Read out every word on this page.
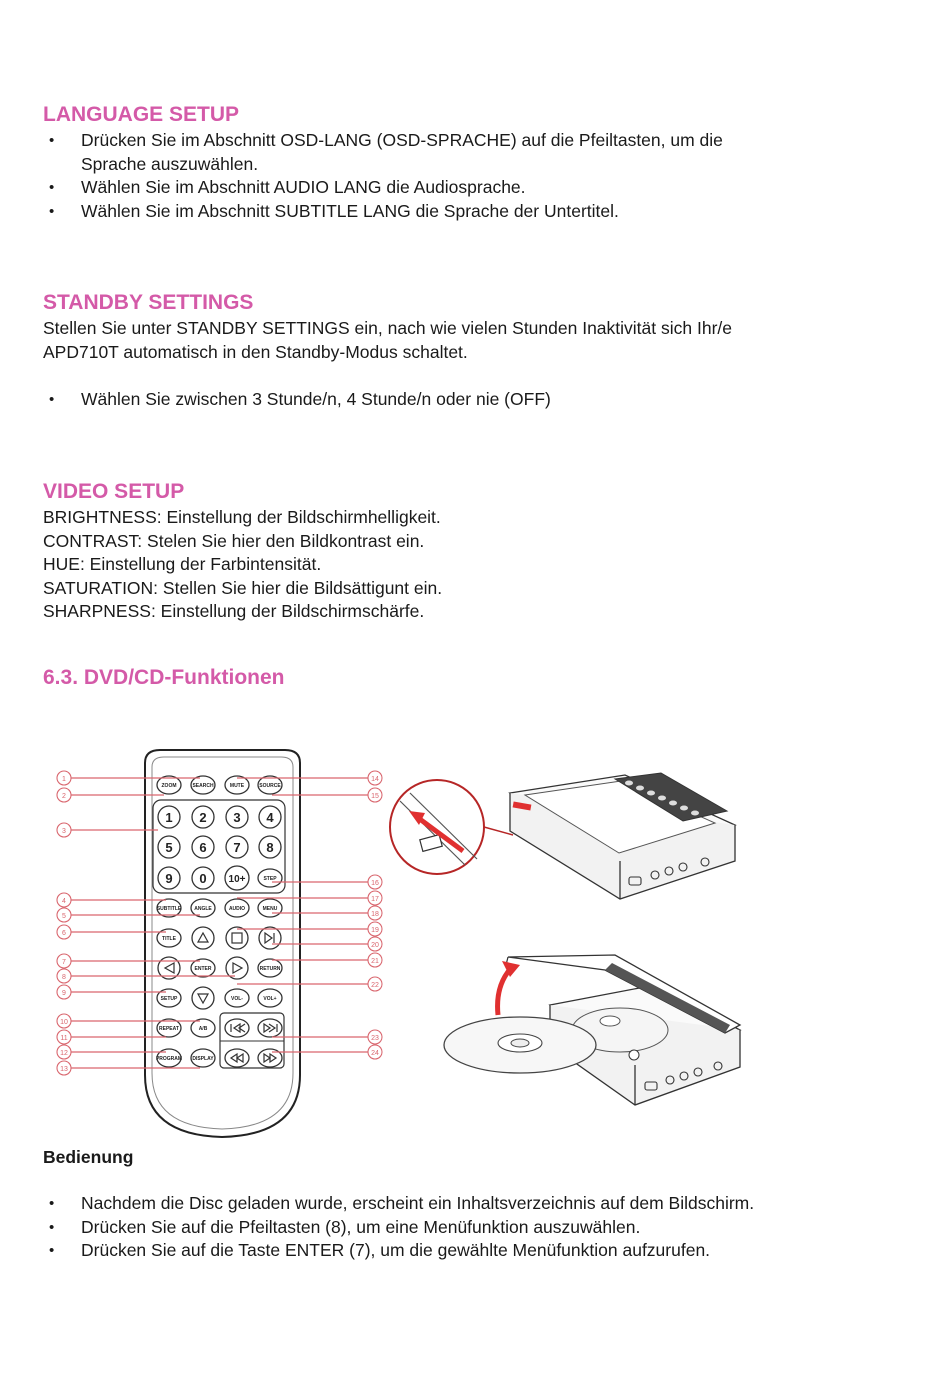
LANGUAGE SETUP
• Drücken Sie im Abschnitt OSD-LANG (OSD-SPRACHE) auf die Pfeiltasten, um die
Sprache auszuwählen.
• Wählen Sie im Abschnitt AUDIO LANG die Audiosprache.
• Wählen Sie im Abschnitt SUBTITLE LANG die Sprache der Untertitel.
STANDBY SETTINGS

Stellen Sie unter STANDBY SETTINGS ein, nach wie vielen Stunden Inaktivität sich Ihr/e

APD710T automatisch in den Standby-Modus schaltet.

• Wählen Sie zwischen 3 Stunde/n, 4 Stunde/n oder nie (OFF)
VIDEO SETUP

BRIGHTNESS: Einstellung der Bildschirmhelligkeit.

CONTRAST: Stelen Sie hier den Bildkontrast ein.

HUE: Einstellung der Farbintensität.

SATURATION: Stellen Sie hier die Bildsättigunt ein.

SHARPNESS: Einstellung der Bildschirmschärfe.

6.3. DVD/CD-Funktionen
ZOOM	SEARCH	MUTE	SOURCE
1 2 3 4
5 6 7 8
9 0 10+	STEP
SUBTITLE	ANGLE	AUDIO	MENU
TITLE
ENTER	RETURN
SETUP	VOL-	VOL+
REPEAT	A/B
PROGRAM DISPLAY
1
2
3
4
5
6
7
8
9
10
11
12
13
14
15
16
17
18
19
20
21
22
23
24

Bedienung

• Nachdem die Disc geladen wurde, erscheint ein Inhaltsverzeichnis auf dem Bildschirm.
• Drücken Sie auf die Pfeiltasten (8), um eine Menüfunktion auszuwählen.
• Drücken Sie auf die Taste ENTER (7), um die gewählte Menüfunktion aufzurufen.
